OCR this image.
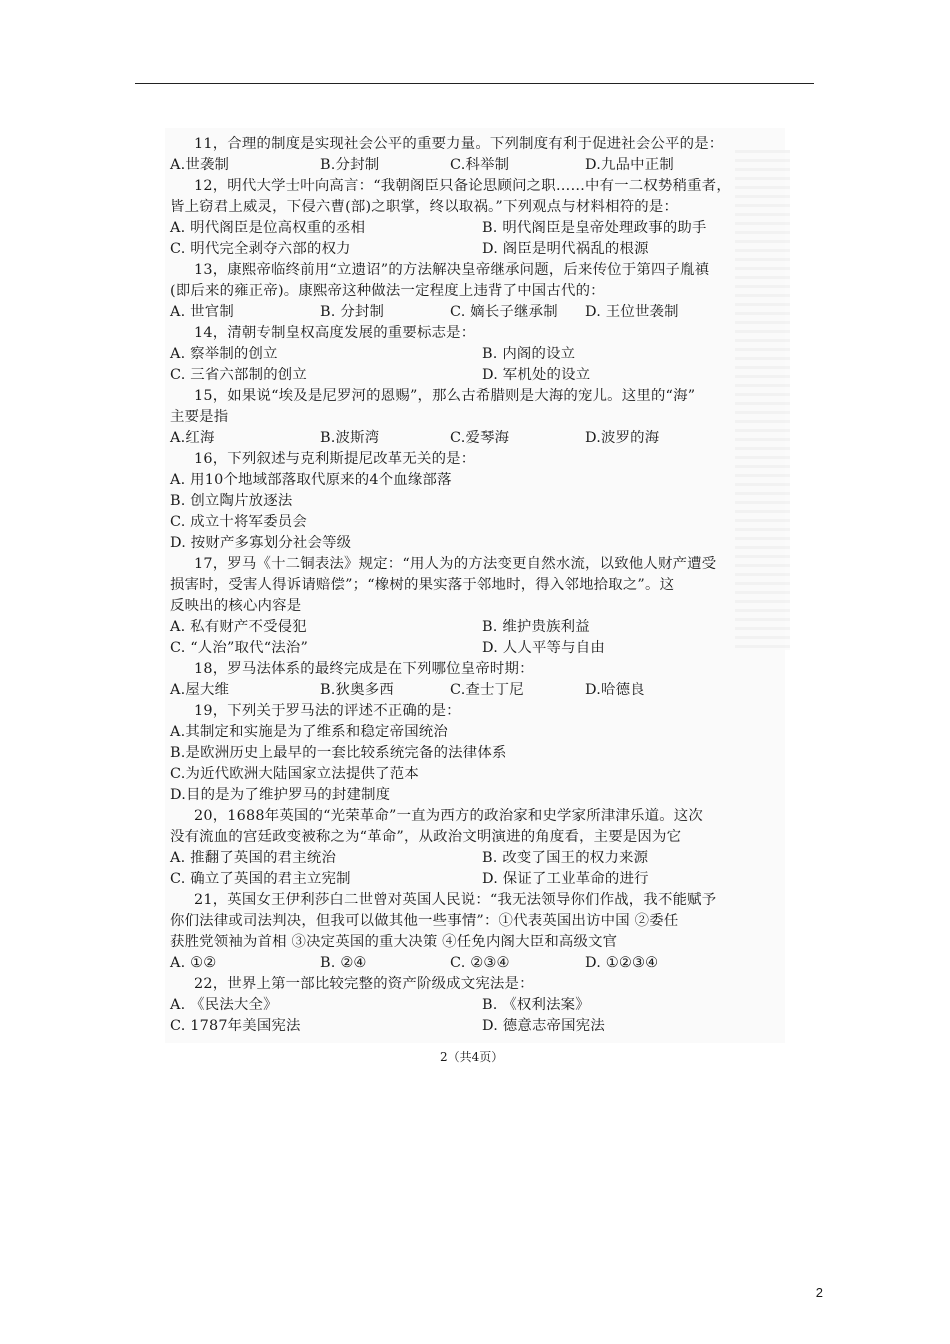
11，合理的制度是实现社会公平的重要力量。下列制度有利于促进社会公平的是：
A.世袭制	B.分封制	C.科举制	D.九品中正制
12，明代大学士叶向高言：“我朝阁臣只备论思顾问之职……中有一二权势稍重者，
皆上窃君上威灵，下侵六曹(部)之职掌，终以取祸。”下列观点与材料相符的是：
A. 明代阁臣是位高权重的丞相	B. 明代阁臣是皇帝处理政事的助手
C. 明代完全剥夺六部的权力	D. 阁臣是明代祸乱的根源
13，康熙帝临终前用“立遗诏”的方法解决皇帝继承问题，后来传位于第四子胤禛
(即后来的雍正帝)。康熙帝这种做法一定程度上违背了中国古代的：
A. 世官制	B. 分封制	C. 嫡长子继承制 D. 王位世袭制
14，清朝专制皇权高度发展的重要标志是：
A. 察举制的创立	B. 内阁的设立
C. 三省六部制的创立	D. 军机处的设立
15，如果说“埃及是尼罗河的恩赐”，那么古希腊则是大海的宠儿。这里的“海”
主要是指
A.红海	B.波斯湾	C.爱琴海	D.波罗的海
16，下列叙述与克利斯提尼改革无关的是：
A. 用10个地域部落取代原来的4个血缘部落
B. 创立陶片放逐法
C. 成立十将军委员会
D. 按财产多寡划分社会等级
17，罗马《十二铜表法》规定：“用人为的方法变更自然水流，以致他人财产遭受
损害时，受害人得诉请赔偿”；“橡树的果实落于邻地时，得入邻地拾取之”。这
反映出的核心内容是
A. 私有财产不受侵犯	B. 维护贵族利益
C. “人治”取代“法治”	D. 人人平等与自由
18，罗马法体系的最终完成是在下列哪位皇帝时期：
A.屋大维	B.狄奥多西	C.查士丁尼	D.哈德良
19，下列关于罗马法的评述不正确的是：
A.其制定和实施是为了维系和稳定帝国统治
B.是欧洲历史上最早的一套比较系统完备的法律体系
C.为近代欧洲大陆国家立法提供了范本
D.目的是为了维护罗马的封建制度
20，1688年英国的“光荣革命”一直为西方的政治家和史学家所津津乐道。这次
没有流血的宫廷政变被称之为“革命”，从政治文明演进的角度看，主要是因为它
A. 推翻了英国的君主统治	B. 改变了国王的权力来源
C. 确立了英国的君主立宪制	D. 保证了工业革命的进行
21，英国女王伊利莎白二世曾对英国人民说：“我无法领导你们作战，我不能赋予
你们法律或司法判决，但我可以做其他一些事情”：①代表英国出访中国 ②委任
获胜党领袖为首相 ③决定英国的重大决策 ④任免内阁大臣和高级文官
A. ①②	B. ②④	C. ②③④	D. ①②③④
22，世界上第一部比较完整的资产阶级成文宪法是：
A. 《民法大全》	B. 《权利法案》
C. 1787年美国宪法	D. 德意志帝国宪法
2（共4页）
2
